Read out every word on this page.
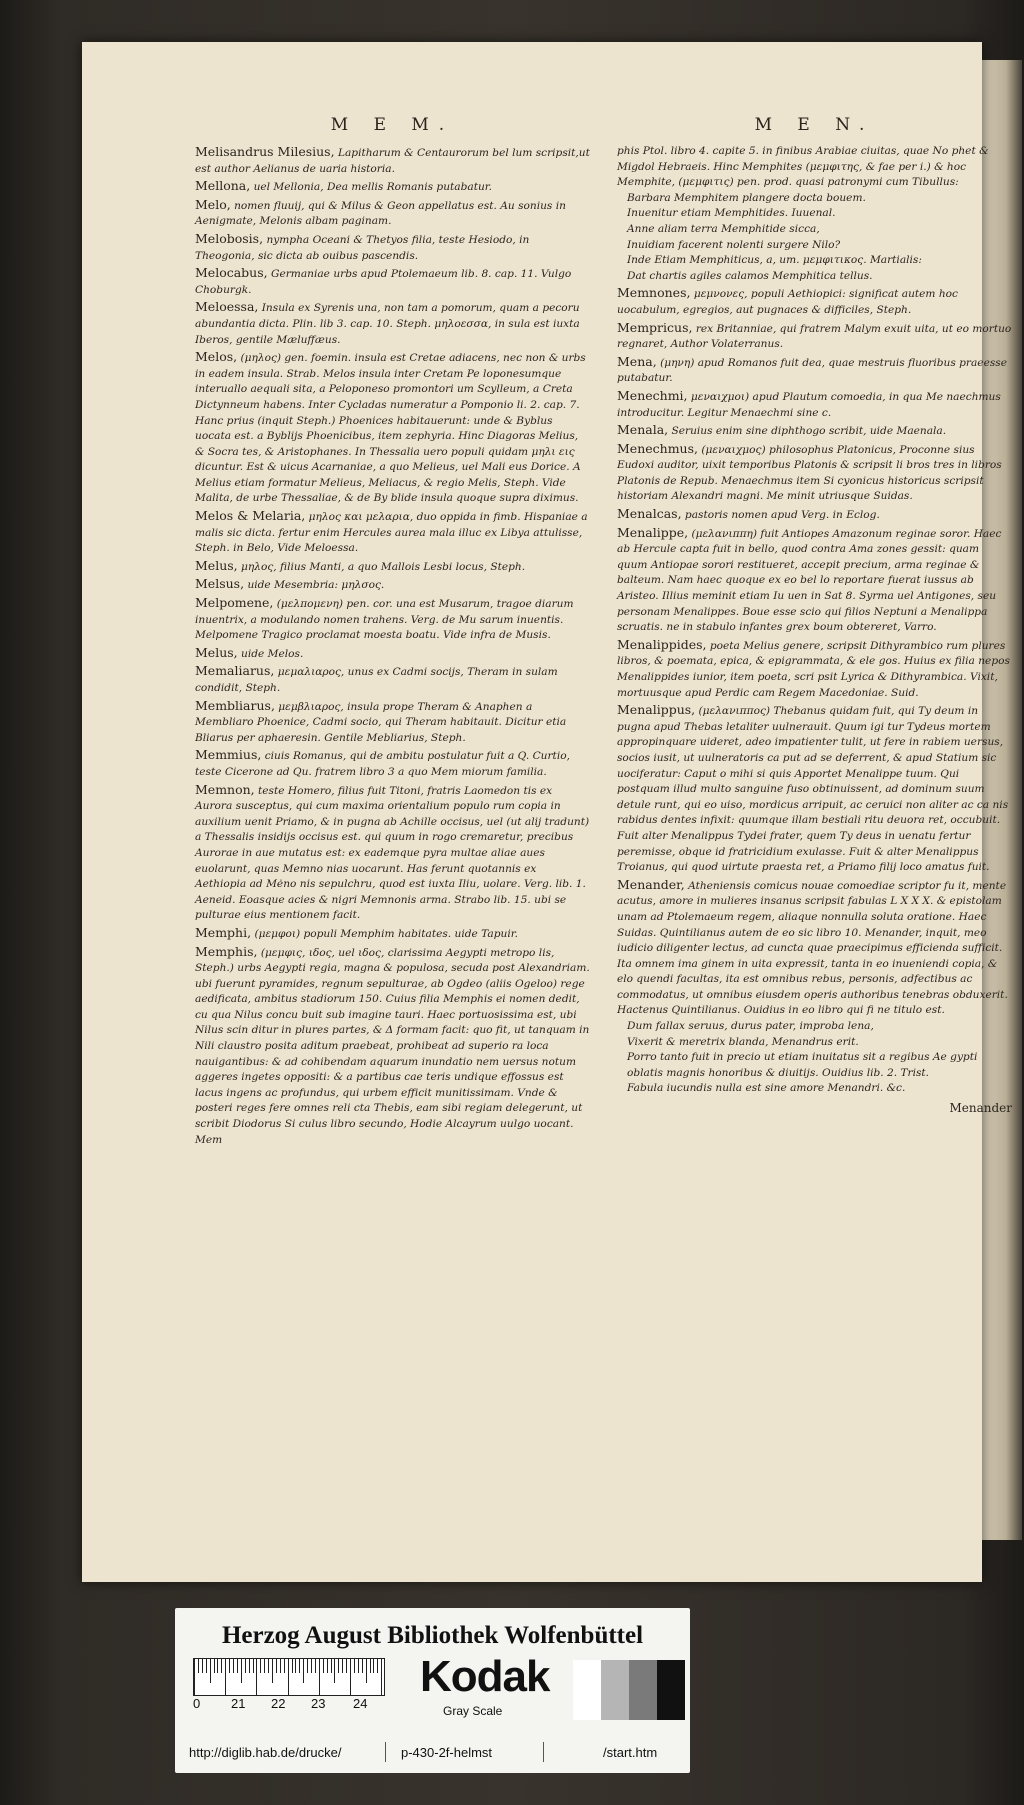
M E M.
Melisandrus Milesius, Lapitharum & Centaurorum bel lum scripsit,ut est author Aelianus de uaria historia.
Mellona, uel Mellonia, Dea mellis Romanis putabatur.
Melo, nomen fluuij, qui & Milus & Geon appellatus est. Au sonius in Aenigmate, Melonis albam paginam.
Melobosis, nympha Oceani & Thetyos filia, teste Hesiodo, in Theogonia, sic dicta ab ouibus pascendis.
Melocabus, Germaniae urbs apud Ptolemaeum lib. 8. cap. 11. Vulgo Choburgk.
Meloessa, Insula ex Syrenis una, non tam a pomorum, quam a pecoru abundantia dicta. Plin. lib 3. cap. 10. Steph. μηλοεσσα, in sula est iuxta Iberos, gentile Mæluffæus.
Melos, (μηλος) gen. foemin. insula est Cretae adiacens, nec non & urbs in eadem insula. Strab. Melos insula inter Cretam Pe loponesumque interuallo aequali sita, a Peloponeso promontori um Scylleum, a Creta Dictynneum habens. Inter Cycladas numeratur a Pomponio li. 2. cap. 7. Hanc prius (inquit Steph.) Phoenices habitauerunt: unde & Byblus uocata est. a Byblijs Phoenicibus, item zephyria. Hinc Diagoras Melius, & Socra tes, & Aristophanes. In Thessalia uero populi quidam μηλι εις dicuntur. Est & uicus Acarnaniae, a quo Melieus, uel Mali eus Dorice. A Melius etiam formatur Melieus, Meliacus, & regio Melis, Steph. Vide Malita, de urbe Thessaliae, & de By blide insula quoque supra diximus.
Melos & Melaria, μηλος και μελαρια, duo oppida in fimb. Hispaniae a malis sic dicta. fertur enim Hercules aurea mala illuc ex Libya attulisse, Steph. in Belo, Vide Meloessa.
Melus, μηλος, filius Manti, a quo Mallois Lesbi locus, Steph.
Melsus, uide Mesembria: μηλσος.
Melpomene, (μελπομενη) pen. cor. una est Musarum, tragoe diarum inuentrix, a modulando nomen trahens. Verg. de Mu sarum inuentis. Melpomene Tragico proclamat moesta boatu. Vide infra de Musis.
Melus, uide Melos.
Memaliarus, μεμαλιαρος, unus ex Cadmi socijs, Theram in sulam condidit, Steph.
Membliarus, μεμβλιαρος, insula prope Theram & Anaphen a Membliaro Phoenice, Cadmi socio, qui Theram habitauit. Dicitur etia Bliarus per aphaeresin. Gentile Mebliarius, Steph.
Memmius, ciuis Romanus, qui de ambitu postulatur fuit a Q. Curtio, teste Cicerone ad Qu. fratrem libro 3 a quo Mem miorum familia.
Memnon, teste Homero, filius fuit Titoni, fratris Laomedon tis ex Aurora susceptus, qui cum maxima orientalium populo rum copia in auxilium uenit Priamo, & in pugna ab Achille occisus, uel (ut alij tradunt) a Thessalis insidijs occisus est. qui quum in rogo cremaretur, precibus Aurorae in aue mutatus est: ex eademque pyra multae aliae aues euolarunt, quas Memno nias uocarunt. Has ferunt quotannis ex Aethiopia ad Mėno nis sepulchru, quod est iuxta Iliu, uolare. Verg. lib. 1. Aeneid. Eoasque acies & nigri Memnonis arma. Strabo lib. 15. ubi se pulturae eius mentionem facit.
Memphi, (μεμφοι) populi Memphim habitates. uide Tapuir.
Memphis, (μεμφις, ιδος, uel ιδος, clarissima Aegypti metropo lis, Steph.) urbs Aegypti regia, magna & populosa, secuda post Alexandriam. ubi fuerunt pyramides, regnum sepulturae, ab Ogdeo (aliis Ogeloo) rege aedificata, ambitus stadiorum 150. Cuius filia Memphis ei nomen dedit, cu qua Nilus concu buit sub imagine tauri. Haec portuosissima est, ubi Nilus scin ditur in plures partes, & Δ formam facit: quo fit, ut tanquam in Nili claustro posita aditum praebeat, prohibeat ad superio ra loca nauigantibus: & ad cohibendam aquarum inundatio nem uersus notum aggeres ingetes oppositi: & a partibus cae teris undique effossus est lacus ingens ac profundus, qui urbem efficit munitissimam. Vnde & posteri reges fere omnes reli cta Thebis, eam sibi regiam delegerunt, ut scribit Diodorus Si culus libro secundo, Hodie Alcayrum uulgo uocant. Mem
M E N.
phis Ptol. libro 4. capite 5. in finibus Arabiae ciuitas, quae No phet & Migdol Hebraeis. Hinc Memphites (μεμφιτης, & fae per i.) & hoc Memphite, (μεμφιτις) pen. prod. quasi patronymi cum Tibullus:
Barbara Memphitem plangere docta bouem.
Inuenitur etiam Memphitides. Iuuenal.
Anne aliam terra Memphitide sicca,
Inuidiam facerent nolenti surgere Nilo?
Inde Etiam Memphiticus, a, um. μεμφιτικος. Martialis:
Dat chartis agiles calamos Memphitica tellus.
Memnones, μεμνονες, populi Aethiopici: significat autem hoc uocabulum, egregios, aut pugnaces & difficiles, Steph.
Mempricus, rex Britanniae, qui fratrem Malym exuit uita, ut eo mortuo regnaret, Author Volaterranus.
Mena, (μηνη) apud Romanos fuit dea, quae mestruis fluoribus praeesse putabatur.
Menechmi, μεναιχμοι) apud Plautum comoedia, in qua Me naechmus introducitur. Legitur Menaechmi sine c.
Menala, Seruius enim sine diphthogo scribit, uide Maenala.
Menechmus, (μεναιχμος) philosophus Platonicus, Proconne sius Eudoxi auditor, uixit temporibus Platonis & scripsit li bros tres in libros Platonis de Repub. Menaechmus item Si cyonicus historicus scripsit historiam Alexandri magni. Me minit utriusque Suidas.
Menalcas, pastoris nomen apud Verg. in Eclog.
Menalippe, (μελανιππη) fuit Antiopes Amazonum reginae soror. Haec ab Hercule capta fuit in bello, quod contra Ama zones gessit: quam quum Antiopae sorori restitueret, accepit precium, arma reginae & balteum. Nam haec quoque ex eo bel lo reportare fuerat iussus ab Aristeo. Illius meminit etiam Iu uen in Sat 8. Syrma uel Antigones, seu personam Menalippes. Boue esse scio qui filios Neptuni a Menalippa scruatis. ne in stabulo infantes grex boum obtereret, Varro.
Menalippides, poeta Melius genere, scripsit Dithyrambico rum plures libros, & poemata, epica, & epigrammata, & ele gos. Huius ex filia nepos Menalippides iunior, item poeta, scri psit Lyrica & Dithyrambica. Vixit, mortuusque apud Perdic cam Regem Macedoniae. Suid.
Menalippus, (μελανιππος) Thebanus quidam fuit, qui Ty deum in pugna apud Thebas letaliter uulnerauit. Quum igi tur Tydeus mortem appropinquare uideret, adeo impatienter tulit, ut fere in rabiem uersus, socios iusit, ut uulneratoris ca put ad se deferrent, & apud Statium sic uociferatur: Caput o mihi si quis Apportet Menalippe tuum. Qui postquam illud multo sanguine fuso obtinuissent, ad dominum suum detule runt, qui eo uiso, mordicus arripuit, ac ceruici non aliter ac ca nis rabidus dentes infixit: quumque illam bestiali ritu deuora ret, occubuit. Fuit alter Menalippus Tydei frater, quem Ty deus in uenatu fertur peremisse, obque id fratricidium exulasse. Fuit & alter Menalippus Troianus, qui quod uirtute praesta ret, a Priamo filij loco amatus fuit.
Menander, Atheniensis comicus nouae comoediae scriptor fu it, mente acutus, amore in mulieres insanus scripsit fabulas L X X X. & epistolam unam ad Ptolemaeum regem, aliaque nonnulla soluta oratione. Haec Suidas. Quintilianus autem de eo sic libro 10. Menander, inquit, meo iudicio diligenter lectus, ad cuncta quae praecipimus efficienda sufficit. Ita omnem ima ginem in uita expressit, tanta in eo inueniendi copia, & elo quendi facultas, ita est omnibus rebus, personis, adfectibus ac commodatus, ut omnibus eiusdem operis authoribus tenebras obduxerit. Hactenus Quintilianus. Ouidius in eo libro qui fi ne titulo est.
Dum fallax seruus, durus pater, improba lena,
Vixerit & meretrix blanda, Menandrus erit.
Porro tanto fuit in precio ut etiam inuitatus sit a regibus Ae gypti oblatis magnis honoribus & diuitijs. Ouidius lib. 2. Trist.
Fabula iucundis nulla est sine amore Menandri. &c.
Menander
Herzog August Bibliothek Wolfenbüttel
0 21 22 23 24
Kodak
Gray Scale
http://diglib.hab.de/drucke/	p-430-2f-helmst	/start.htm
